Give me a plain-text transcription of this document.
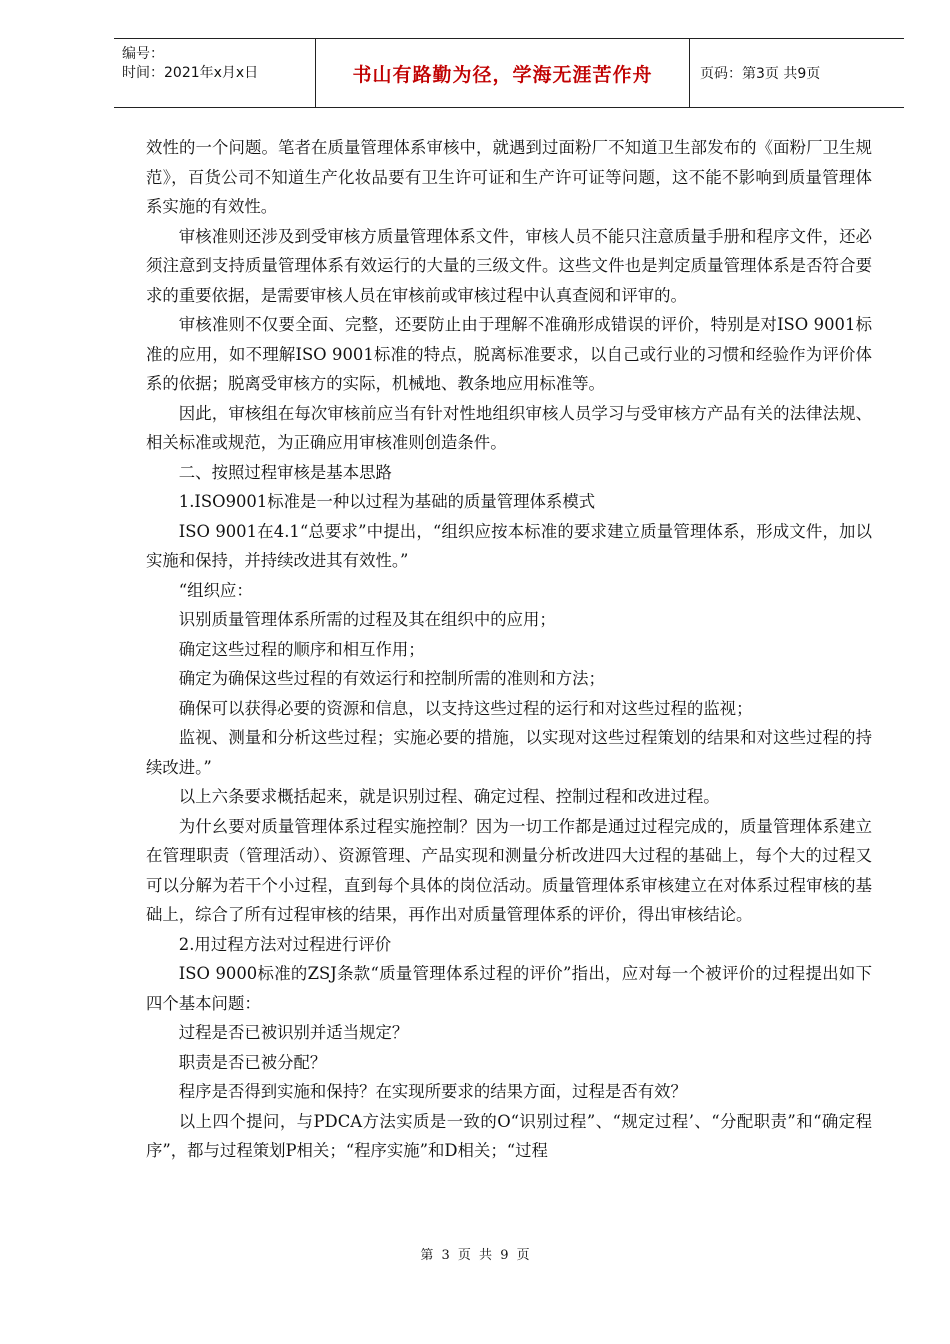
编号：
时间：2021年x月x日	书山有路勤为径，学海无涯苦作舟	页码：第3页 共9页

效性的一个问题。笔者在质量管理体系审核中，就遇到过面粉厂不知道卫生部发布的《面粉厂卫生规范》，百货公司不知道生产化妆品要有卫生许可证和生产许可证等问题，这不能不影响到质量管理体系实施的有效性。

审核准则还涉及到受审核方质量管理体系文件，审核人员不能只注意质量手册和程序文件，还必须注意到支持质量管理体系有效运行的大量的三级文件。这些文件也是判定质量管理体系是否符合要求的重要依据，是需要审核人员在审核前或审核过程中认真查阅和评审的。

审核准则不仅要全面、完整，还要防止由于理解不准确形成错误的评价，特别是对ISO 9001标准的应用，如不理解ISO 9001标准的特点，脱离标准要求，以自己或行业的习惯和经验作为评价体系的依据；脱离受审核方的实际，机械地、教条地应用标准等。

因此，审核组在每次审核前应当有针对性地组织审核人员学习与受审核方产品有关的法律法规、相关标准或规范，为正确应用审核准则创造条件。

二、按照过程审核是基本思路

1.ISO9001标准是一种以过程为基础的质量管理体系模式

ISO 9001在4.1“总要求”中提出，“组织应按本标准的要求建立质量管理体系，形成文件，加以实施和保持，并持续改进其有效性。”

“组织应：

识别质量管理体系所需的过程及其在组织中的应用；

确定这些过程的顺序和相互作用；

确定为确保这些过程的有效运行和控制所需的准则和方法；

确保可以获得必要的资源和信息，以支持这些过程的运行和对这些过程的监视；

监视、测量和分析这些过程；实施必要的措施，以实现对这些过程策划的结果和对这些过程的持续改进。”

以上六条要求概括起来，就是识别过程、确定过程、控制过程和改进过程。

为什幺要对质量管理体系过程实施控制？因为一切工作都是通过过程完成的，质量管理体系建立在管理职责（管理活动）、资源管理、产品实现和测量分析改进四大过程的基础上，每个大的过程又可以分解为若干个小过程，直到每个具体的岗位活动。质量管理体系审核建立在对体系过程审核的基础上，综合了所有过程审核的结果，再作出对质量管理体系的评价，得出审核结论。

2.用过程方法对过程进行评价

ISO 9000标准的ZSJ条款“质量管理体系过程的评价”指出，应对每一个被评价的过程提出如下四个基本问题：

过程是否已被识别并适当规定？

职责是否已被分配？

程序是否得到实施和保持？在实现所要求的结果方面，过程是否有效？

以上四个提问，与PDCA方法实质是一致的O“识别过程”、“规定过程’、“分配职责”和“确定程序”，都与过程策划P相关；“程序实施”和D相关；“过程

第 3 页 共 9 页
